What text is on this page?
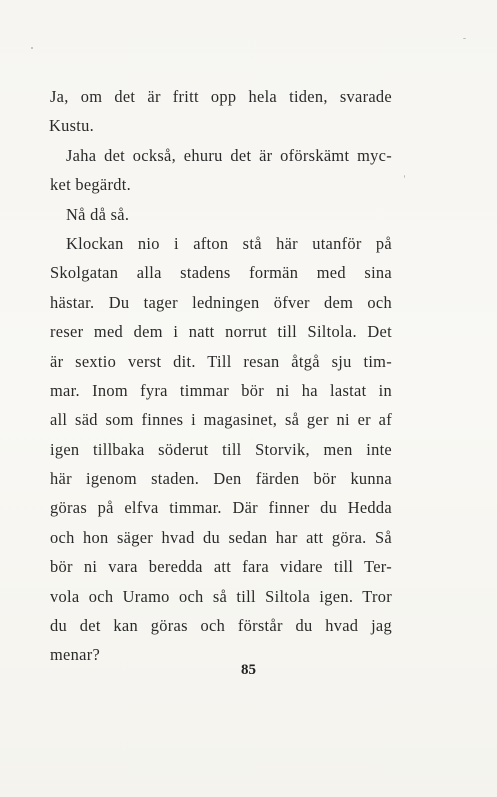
Ja, om det är fritt opp hela tiden, svarade
Kustu.
Jaha det också, ehuru det är oförskämt myc-
ket begärdt.
Nå då så.
Klockan nio i afton stå här utanför på
Skolgatan alla stadens formän med sina
hästar. Du tager ledningen öfver dem och
reser med dem i natt norrut till Siltola. Det
är sextio verst dit. Till resan åtgå sju tim-
mar. Inom fyra timmar bör ni ha lastat in
all säd som finnes i magasinet, så ger ni er af
igen tillbaka söderut till Storvik, men inte
här igenom staden. Den färden bör kunna
göras på elfva timmar. Där finner du Hedda
och hon säger hvad du sedan har att göra. Så
bör ni vara beredda att fara vidare till Ter-
vola och Uramo och så till Siltola igen. Tror
du det kan göras och förstår du hvad jag
menar?
85
